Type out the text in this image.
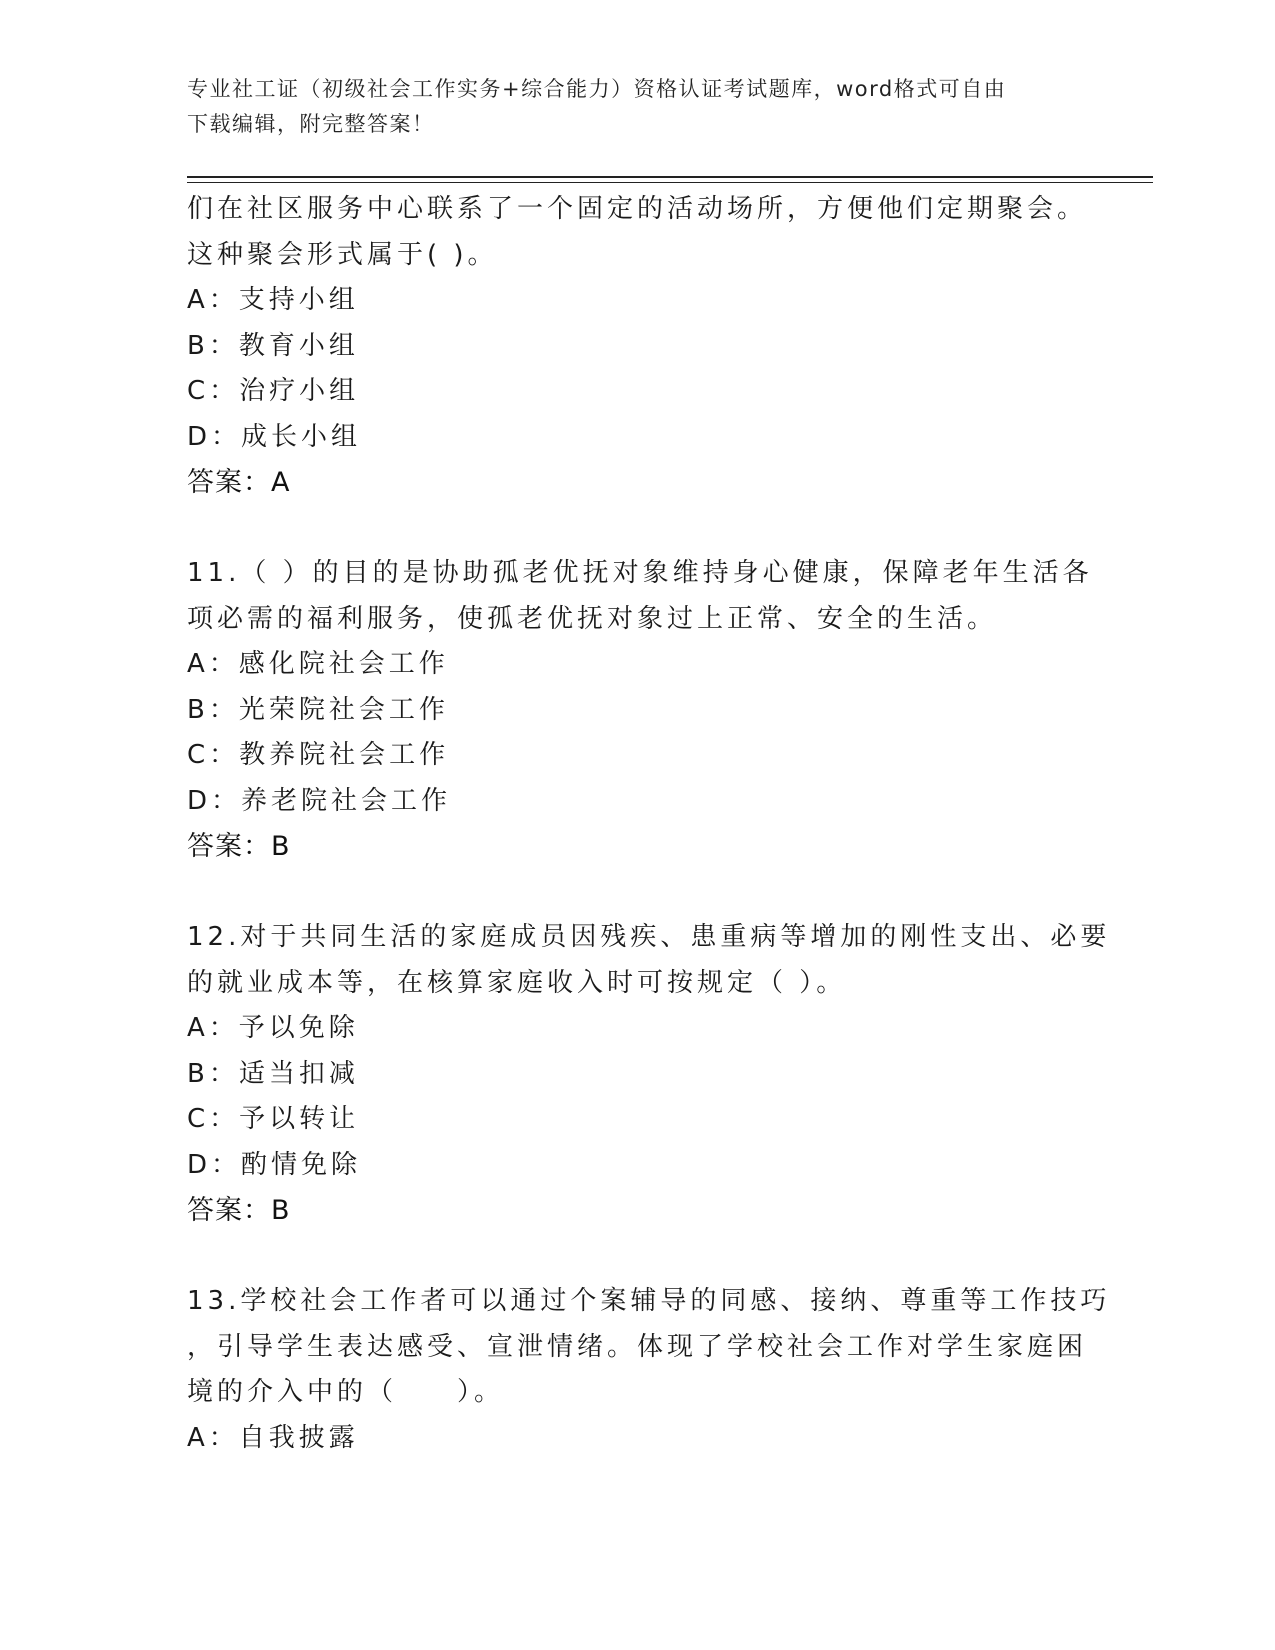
专业社工证（初级社会工作实务+综合能力）资格认证考试题库，word格式可自由
下载编辑，附完整答案！
们在社区服务中心联系了一个固定的活动场所，方便他们定期聚会。
这种聚会形式属于( )。
A：支持小组
B：教育小组
C：治疗小组
D：成长小组
答案：A
11.（ ）的目的是协助孤老优抚对象维持身心健康，保障老年生活各
项必需的福利服务，使孤老优抚对象过上正常、安全的生活。
A：感化院社会工作
B：光荣院社会工作
C：教养院社会工作
D：养老院社会工作
答案：B
12.对于共同生活的家庭成员因残疾、患重病等增加的刚性支出、必要
的就业成本等，在核算家庭收入时可按规定（ ）。
A：予以免除
B：适当扣减
C：予以转让
D：酌情免除
答案：B
13.学校社会工作者可以通过个案辅导的同感、接纳、尊重等工作技巧
，引导学生表达感受、宣泄情绪。体现了学校社会工作对学生家庭困
境的介入中的（　　）。
A：自我披露
